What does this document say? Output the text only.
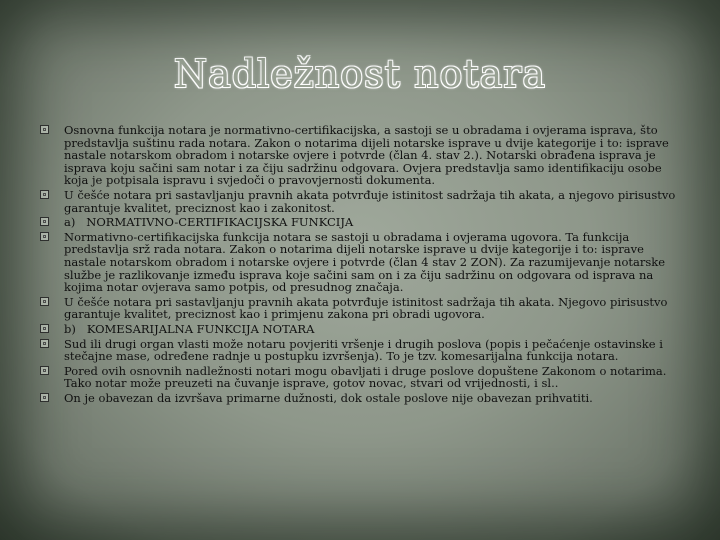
Nadležnost notara
Osnovna funkcija notara je normativno-certifikacijska, a sastoji se u obradama i ovjerama isprava, što predstavlja suštinu rada notara. Zakon o notarima dijeli notarske isprave u dvije kategorije i to: isprave nastale notarskom obradom i notarske ovjere i potvrde (član 4. stav 2.). Notarski obrađena isprava je isprava koju sačini sam notar i za čiju sadržinu odgovara. Ovjera predstavlja samo identifikaciju osobe koja je potpisala ispravu i svjedoči o pravovjernosti dokumenta.
U češće notara pri sastavljanju pravnih akata potvrđuje istinitost sadržaja tih akata, a njegovo pirisustvo garantuje kvalitet, preciznost kao i zakonitost.
a)   NORMATIVNO-CERTIFIKACIJSKA FUNKCIJA
Normativno-certifikacijska funkcija notara se sastoji u obradama i ovjerama ugovora. Ta funkcija predstavlja srž rada notara. Zakon o notarima dijeli notarske isprave u dvije kategorije i to: isprave nastale notarskom obradom i notarske ovjere i potvrde (član 4 stav 2 ZON). Za razumijevanje notarske službe je razlikovanje između isprava koje sačini sam on i za čiju sadržinu on odgovara od isprava na kojima notar ovjerava samo potpis, od presudnog značaja.
U češće notara pri sastavljanju pravnih akata potvrđuje istinitost sadržaja tih akata. Njegovo pirisustvo garantuje kvalitet, preciznost kao i primjenu zakona pri obradi ugovora.
b)   KOMESARIJALNA FUNKCIJA NOTARA
Sud ili drugi organ vlasti može notaru povjeriti vršenje i drugih poslova (popis i pečaćenje ostavinske i stečajne mase, određene radnje u postupku izvršenja). To je tzv. komesarijalna funkcija notara.
Pored ovih osnovnih nadležnosti notari mogu obavljati i druge poslove dopuštene Zakonom o notarima. Tako notar može preuzeti na čuvanje isprave, gotov novac, stvari od vrijednosti, i sl..
On je obavezan da izvršava primarne dužnosti, dok ostale poslove nije obavezan prihvatiti.
